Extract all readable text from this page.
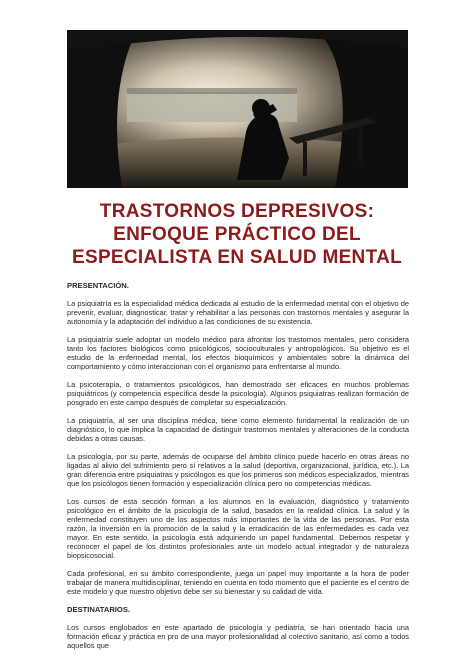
TRASTORNOS DEPRESIVOS:
ENFOQUE PRÁCTICO DEL
ESPECIALISTA EN SALUD MENTAL

PRESENTACIÓN.

La psiquiatría es la especialidad médica dedicada al estudio de la enfermedad mental con el objetivo de prevenir, evaluar, diagnosticar, tratar y rehabilitar a las personas con trastornos mentales y asegurar la autonomía y la adaptación del individuo a las condiciones de su existencia.

La psiquiatría suele adoptar un modelo médico para afrontar los trastornos mentales, pero considera tanto los factores biológicos como psicológicos, socioculturales y antropológicos. Su objetivo es el estudio de la enfermedad mental, los efectos bioquímicos y ambientales sobre la dinámica del comportamiento y cómo interaccionan con el organismo para enfrentarse al mundo.

La psicoterapia, o tratamientos psicológicos, han demostrado ser eficaces en muchos problemas psiquiátricos (y competencia específica desde la psicología). Algunos psiquiatras realizan formación de posgrado en este campo después de completar su especialización.

La psiquiatría, al ser una disciplina médica, tiene como elemento fundamental la realización de un diagnóstico, lo que implica la capacidad de distinguir trastornos mentales y alteraciones de la conducta debidas a otras causas.

La psicología, por su parte, además de ocuparse del ámbito clínico puede hacerlo en otras áreas no ligadas al alivio del sufrimiento pero sí relativos a la salud (deportiva, organizacional, jurídica, etc.). La gran diferencia entre psiquiatras y psicólogos es que los primeros son médicos especializados, mientras que los psicólogos tienen formación y especialización clínica pero no competencias médicas.

Los cursos de esta sección forman a los alumnos en la evaluación, diagnóstico y tratamiento psicológico en el ámbito de la psicología de la salud, basados en la realidad clínica. La salud y la enfermedad constituyen uno de los aspectos más importantes de la vida de las personas. Por esta razón, la inversión en la promoción de la salud y la erradicación de las enfermedades es cada vez mayor. En este sentido, la psicología está adquiriendo un papel fundamental. Debemos respetar y reconocer el papel de los distintos profesionales ante un modelo actual integrador y de naturaleza biopsicosocial.

Cada profesional, en su ámbito correspondiente, juega un papel muy importante a la hora de poder trabajar de manera multidisciplinar, teniendo en cuenta en todo momento que el paciente es el centro de este modelo y que nuestro objetivo debe ser su bienestar y su calidad de vida.

DESTINATARIOS.

Los cursos englobados en este apartado de psicología y pediatría, se han orientado hacia una formación eficaz y práctica en pro de una mayor profesionalidad al colectivo sanitario, así como a todos aquellos que
